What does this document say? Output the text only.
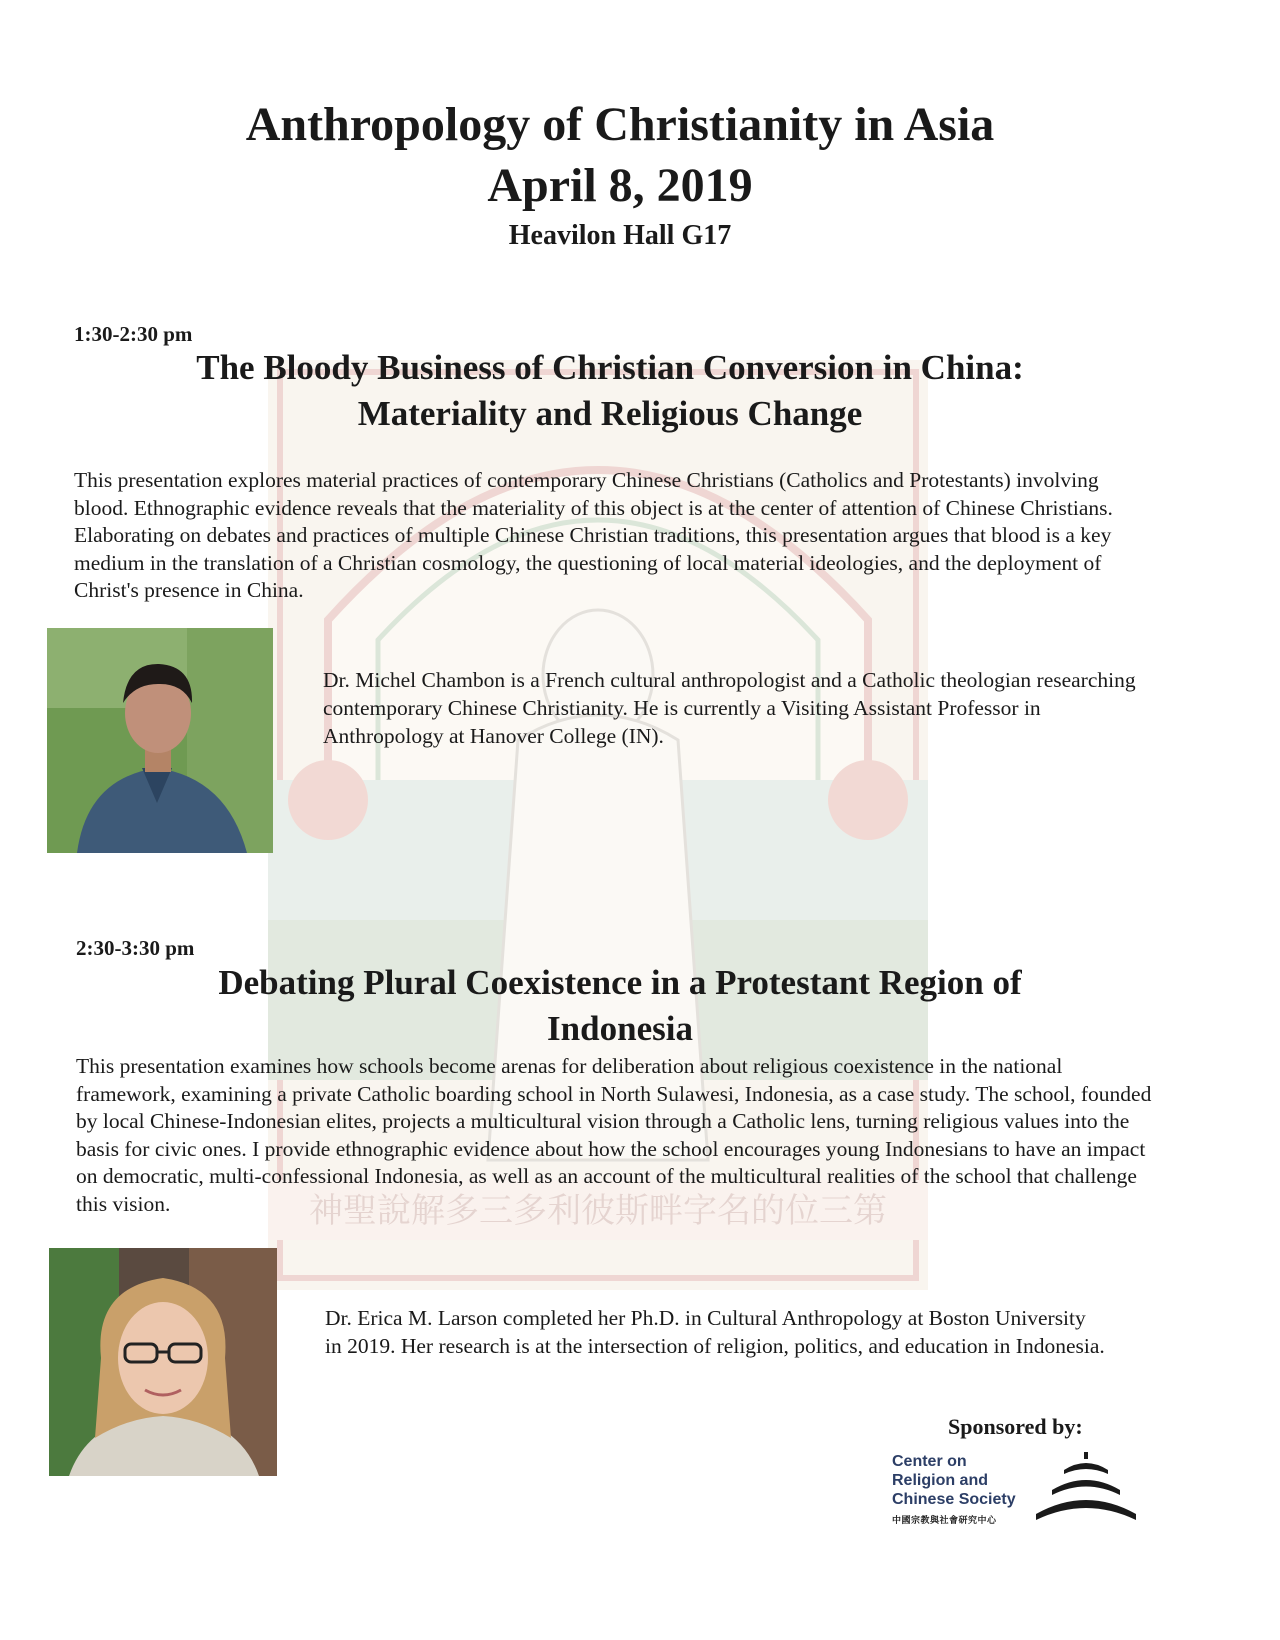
神聖說解多三多利彼斯畔字名的位三第
Anthropology of Christianity in Asia
April 8, 2019
Heavilon Hall G17
1:30-2:30 pm
The Bloody Business of Christian Conversion in China: Materiality and Religious Change

This presentation explores material practices of contemporary Chinese Christians (Catholics and Protestants) involving blood. Ethnographic evidence reveals that the materiality of this object is at the center of attention of Chinese Christians. Elaborating on debates and practices of multiple Chinese Christian traditions, this presentation argues that blood is a key medium in the translation of a Christian cosmology, the questioning of local material ideologies, and the deployment of Christ's presence in China.

Dr. Michel Chambon is a French cultural anthropologist and a Catholic theologian researching contemporary Chinese Christianity. He is currently a Visiting Assistant Professor in Anthropology at Hanover College (IN).

2:30-3:30 pm
Debating Plural Coexistence in a Protestant Region of Indonesia

This presentation examines how schools become arenas for deliberation about religious coexistence in the national framework, examining a private Catholic boarding school in North Sulawesi, Indonesia, as a case study. The school, founded by local Chinese-Indonesian elites, projects a multicultural vision through a Catholic lens, turning religious values into the basis for civic ones. I provide ethnographic evidence about how the school encourages young Indonesians to have an impact on democratic, multi-confessional Indonesia, as well as an account of the multicultural realities of the school that challenge this vision.

Dr. Erica M. Larson completed her Ph.D. in Cultural Anthropology at Boston University in 2019. Her research is at the intersection of religion, politics, and education in Indonesia.

Sponsored by:
Center on
Religion and
Chinese Society
中國宗教與社會研究中心
